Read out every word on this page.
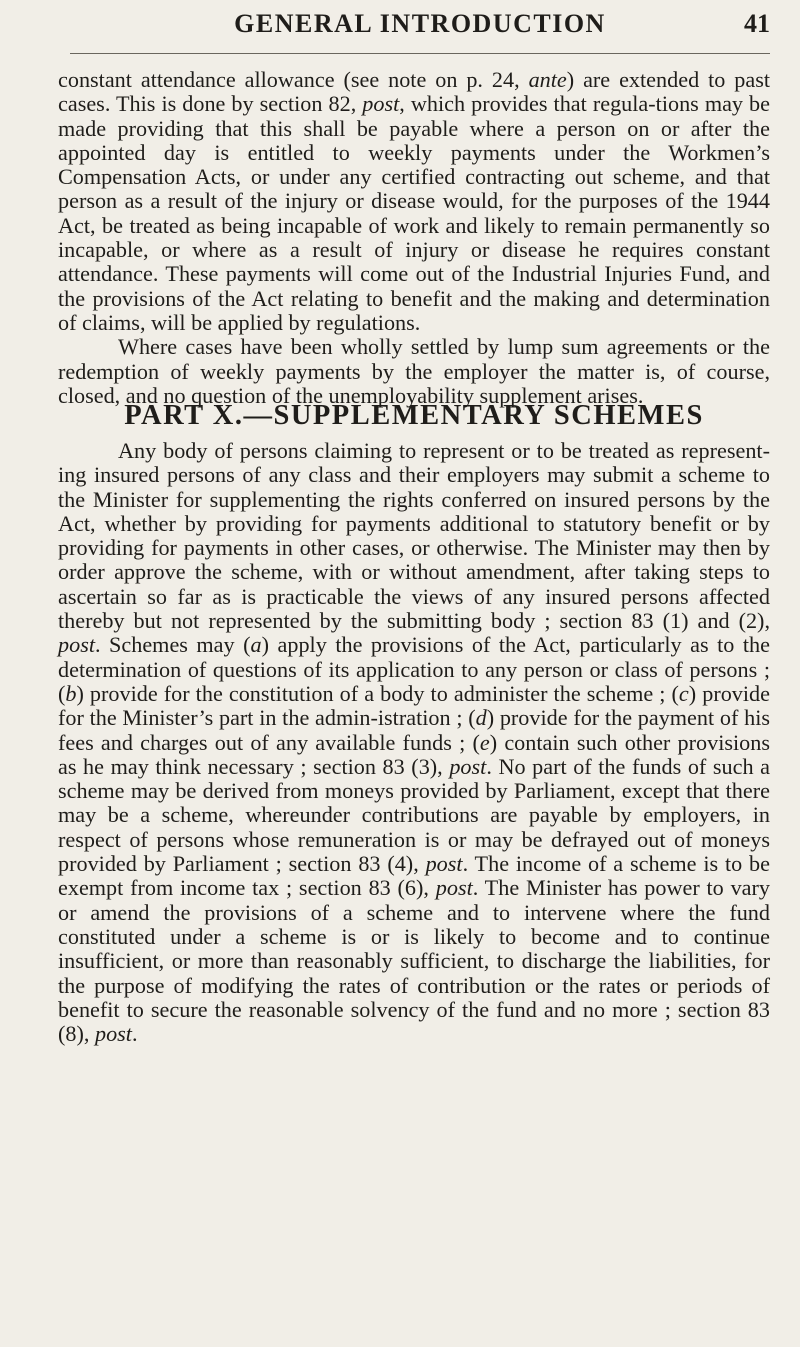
GENERAL INTRODUCTION	41

constant attendance allowance (see note on p. 24, ante) are extended to past cases. This is done by section 82, post, which provides that regula-tions may be made providing that this shall be payable where a person on or after the appointed day is entitled to weekly payments under the Workmen’s Compensation Acts, or under any certified contracting out scheme, and that person as a result of the injury or disease would, for the purposes of the 1944 Act, be treated as being incapable of work and likely to remain permanently so incapable, or where as a result of injury or disease he requires constant attendance. These payments will come out of the Industrial Injuries Fund, and the provisions of the Act relating to benefit and the making and determination of claims, will be applied by regulations.

Where cases have been wholly settled by lump sum agreements or the redemption of weekly payments by the employer the matter is, of course, closed, and no question of the unemployability supplement arises.

PART X.—SUPPLEMENTARY SCHEMES

Any body of persons claiming to represent or to be treated as represent-ing insured persons of any class and their employers may submit a scheme to the Minister for supplementing the rights conferred on insured persons by the Act, whether by providing for payments additional to statutory benefit or by providing for payments in other cases, or otherwise. The Minister may then by order approve the scheme, with or without amendment, after taking steps to ascertain so far as is practicable the views of any insured persons affected thereby but not represented by the submitting body ; section 83 (1) and (2), post. Schemes may (a) apply the provisions of the Act, particularly as to the determination of questions of its application to any person or class of persons ; (b) provide for the constitution of a body to administer the scheme ; (c) provide for the Minister’s part in the admin-istration ; (d) provide for the payment of his fees and charges out of any available funds ; (e) contain such other provisions as he may think necessary ; section 83 (3), post. No part of the funds of such a scheme may be derived from moneys provided by Parliament, except that there may be a scheme, whereunder contributions are payable by employers, in respect of persons whose remuneration is or may be defrayed out of moneys provided by Parliament ; section 83 (4), post. The income of a scheme is to be exempt from income tax ; section 83 (6), post. The Minister has power to vary or amend the provisions of a scheme and to intervene where the fund constituted under a scheme is or is likely to become and to continue insufficient, or more than reasonably sufficient, to discharge the liabilities, for the purpose of modifying the rates of contribution or the rates or periods of benefit to secure the reasonable solvency of the fund and no more ; section 83 (8), post.
